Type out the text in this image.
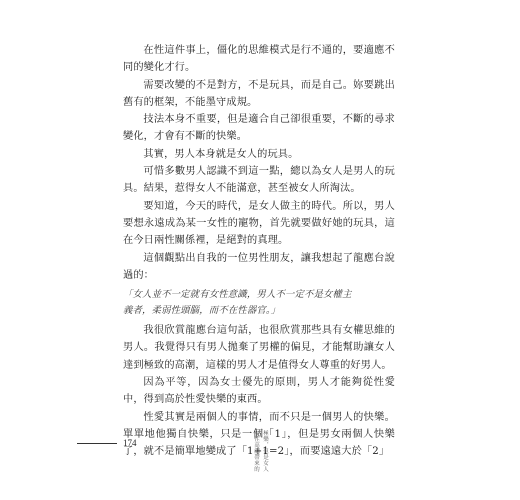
在性這件事上，僵化的思維模式是行不通的，要適應不同的變化才行。

需要改變的不是對方，不是玩具，而是自己。妳要跳出舊有的框架，不能墨守成規。

技法本身不重要，但是適合自己卻很重要，不斷的尋求變化，才會有不斷的快樂。

其實，男人本身就是女人的玩具。

可惜多數男人認識不到這一點，總以為女人是男人的玩具。結果，惹得女人不能滿意，甚至被女人所淘汰。

要知道，今天的時代，是女人做主的時代。所以，男人要想永遠成為某一女性的寵物，首先就要做好她的玩具，這在今日兩性關係裡，是絕對的真理。

這個觀點出自我的一位男性朋友，讓我想起了龍應台說過的：

「女人並不一定就有女性意識，男人不一定不是女權主
義者，柔弱性頭腦，而不在性器官。」

我很欣賞龍應台這句話，也很欣賞那些具有女權思維的男人。我覺得只有男人拋棄了男權的偏見，才能幫助讓女人達到極致的高潮，這樣的男人才是值得女人尊重的好男人。

因為平等，因為女士優先的原則，男人才能夠從性愛中，得到高於性愛快樂的東西。

性愛其實是兩個人的事情，而不只是一個男人的快樂。單單地他獨自快樂，只是一個「1」，但是男女兩個人快樂了，就不是簡單地變成了「1+1=2」，而要遠遠大於「2」

174	女性高潮帶來的 極樂，但是女人
